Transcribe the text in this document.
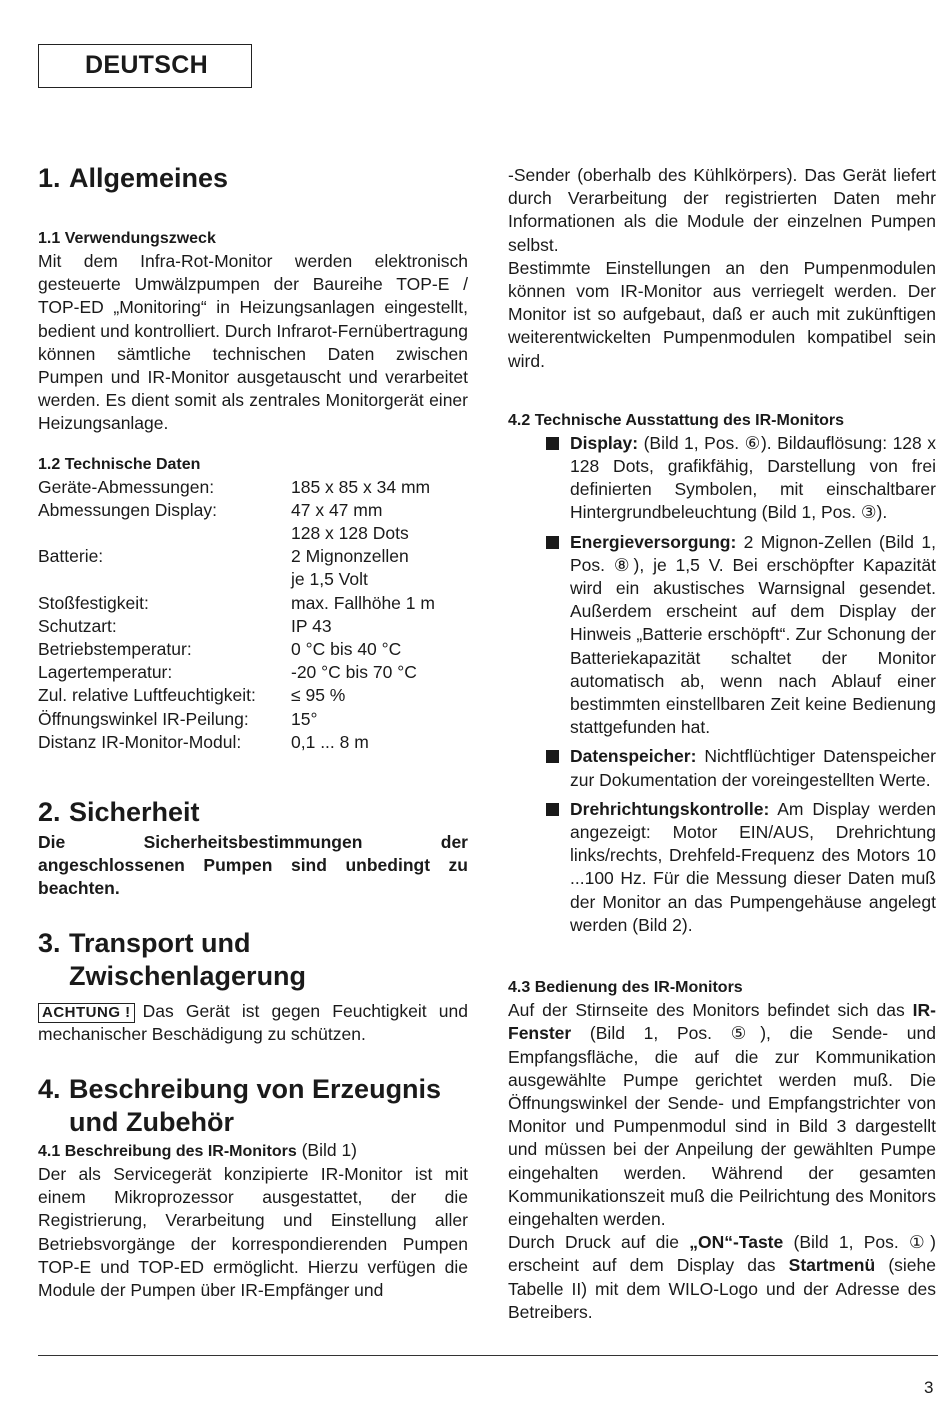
DEUTSCH
1. Allgemeines
1.1 Verwendungszweck

Mit dem Infra-Rot-Monitor werden elektronisch gesteuerte Umwälzpumpen der Baureihe TOP-E / TOP-ED „Monitoring“ in Heizungsanlagen eingestellt, bedient und kontrolliert. Durch Infrarot-Fernübertragung können sämtliche technischen Daten zwischen Pumpen und IR-Monitor ausgetauscht und verarbeitet werden. Es dient somit als zentrales Monitorgerät einer Heizungsanlage.

1.2 Technische Daten
Geräte-Abmessungen:	185 x 85 x 34 mm
Abmessungen Display:	47 x 47 mm
	128 x 128 Dots
Batterie:	2 Mignonzellen
	je 1,5 Volt
Stoßfestigkeit:	max. Fallhöhe 1 m
Schutzart:	IP 43
Betriebstemperatur:	0 °C bis 40 °C
Lagertemperatur:	-20 °C bis 70 °C
Zul. relative Luftfeuchtigkeit:	≤ 95 %
Öffnungswinkel IR-Peilung:	15°
Distanz IR-Monitor-Modul:	0,1 ... 8 m
2. Sicherheit

Die Sicherheitsbestimmungen der angeschlossenen Pumpen sind unbedingt zu beachten.

3. Transport und
Zwischenlagerung

ACHTUNG ! Das Gerät ist gegen Feuchtigkeit und mechanischer Beschädigung zu schützen.

4. Beschreibung von Erzeugnis
und Zubehör
4.1 Beschreibung des IR-Monitors (Bild 1)

Der als Servicegerät konzipierte IR-Monitor ist mit einem Mikroprozessor ausgestattet, der die Registrierung, Verarbeitung und Einstellung aller Betriebsvorgänge der korrespondierenden Pumpen TOP-E und TOP-ED ermöglicht. Hierzu verfügen die Module der Pumpen über IR-Empfänger und

-Sender (oberhalb des Kühlkörpers). Das Gerät liefert durch Verarbeitung der registrierten Daten mehr Informationen als die Module der einzelnen Pumpen selbst.

Bestimmte Einstellungen an den Pumpenmodulen können vom IR-Monitor aus verriegelt werden. Der Monitor ist so aufgebaut, daß er auch mit zukünftigen weiterentwickelten Pumpenmodulen kompatibel sein wird.

4.2 Technische Ausstattung des IR-Monitors

Display: (Bild 1, Pos. ⑥). Bildauflösung: 128 x 128 Dots, grafikfähig, Darstellung von frei definierten Symbolen, mit einschaltbarer Hintergrundbeleuchtung (Bild 1, Pos. ③).

Energieversorgung: 2 Mignon-Zellen (Bild 1, Pos. ⑧), je 1,5 V. Bei erschöpfter Kapazität wird ein akustisches Warnsignal gesendet. Außerdem erscheint auf dem Display der Hinweis „Batterie erschöpft“. Zur Schonung der Batteriekapazität schaltet der Monitor automatisch ab, wenn nach Ablauf einer bestimmten einstellbaren Zeit keine Bedienung stattgefunden hat.

Datenspeicher: Nichtflüchtiger Datenspeicher zur Dokumentation der voreingestellten Werte.

Drehrichtungskontrolle: Am Display werden angezeigt: Motor EIN/AUS, Drehrichtung links/rechts, Drehfeld-Frequenz des Motors 10 ...100 Hz. Für die Messung dieser Daten muß der Monitor an das Pumpengehäuse angelegt werden (Bild 2).

4.3 Bedienung des IR-Monitors

Auf der Stirnseite des Monitors befindet sich das IR-Fenster (Bild 1, Pos. ⑤), die Sende- und Empfangsfläche, die auf die zur Kommunikation ausgewählte Pumpe gerichtet werden muß. Die Öffnungswinkel der Sende- und Empfangstrichter von Monitor und Pumpenmodul sind in Bild 3 dargestellt und müssen bei der Anpeilung der gewählten Pumpe eingehalten werden. Während der gesamten Kommunikationszeit muß die Peilrichtung des Monitors eingehalten werden.

Durch Druck auf die „ON“-Taste (Bild 1, Pos. ①) erscheint auf dem Display das Startmenü (siehe Tabelle II) mit dem WILO-Logo und der Adresse des Betreibers.

3
